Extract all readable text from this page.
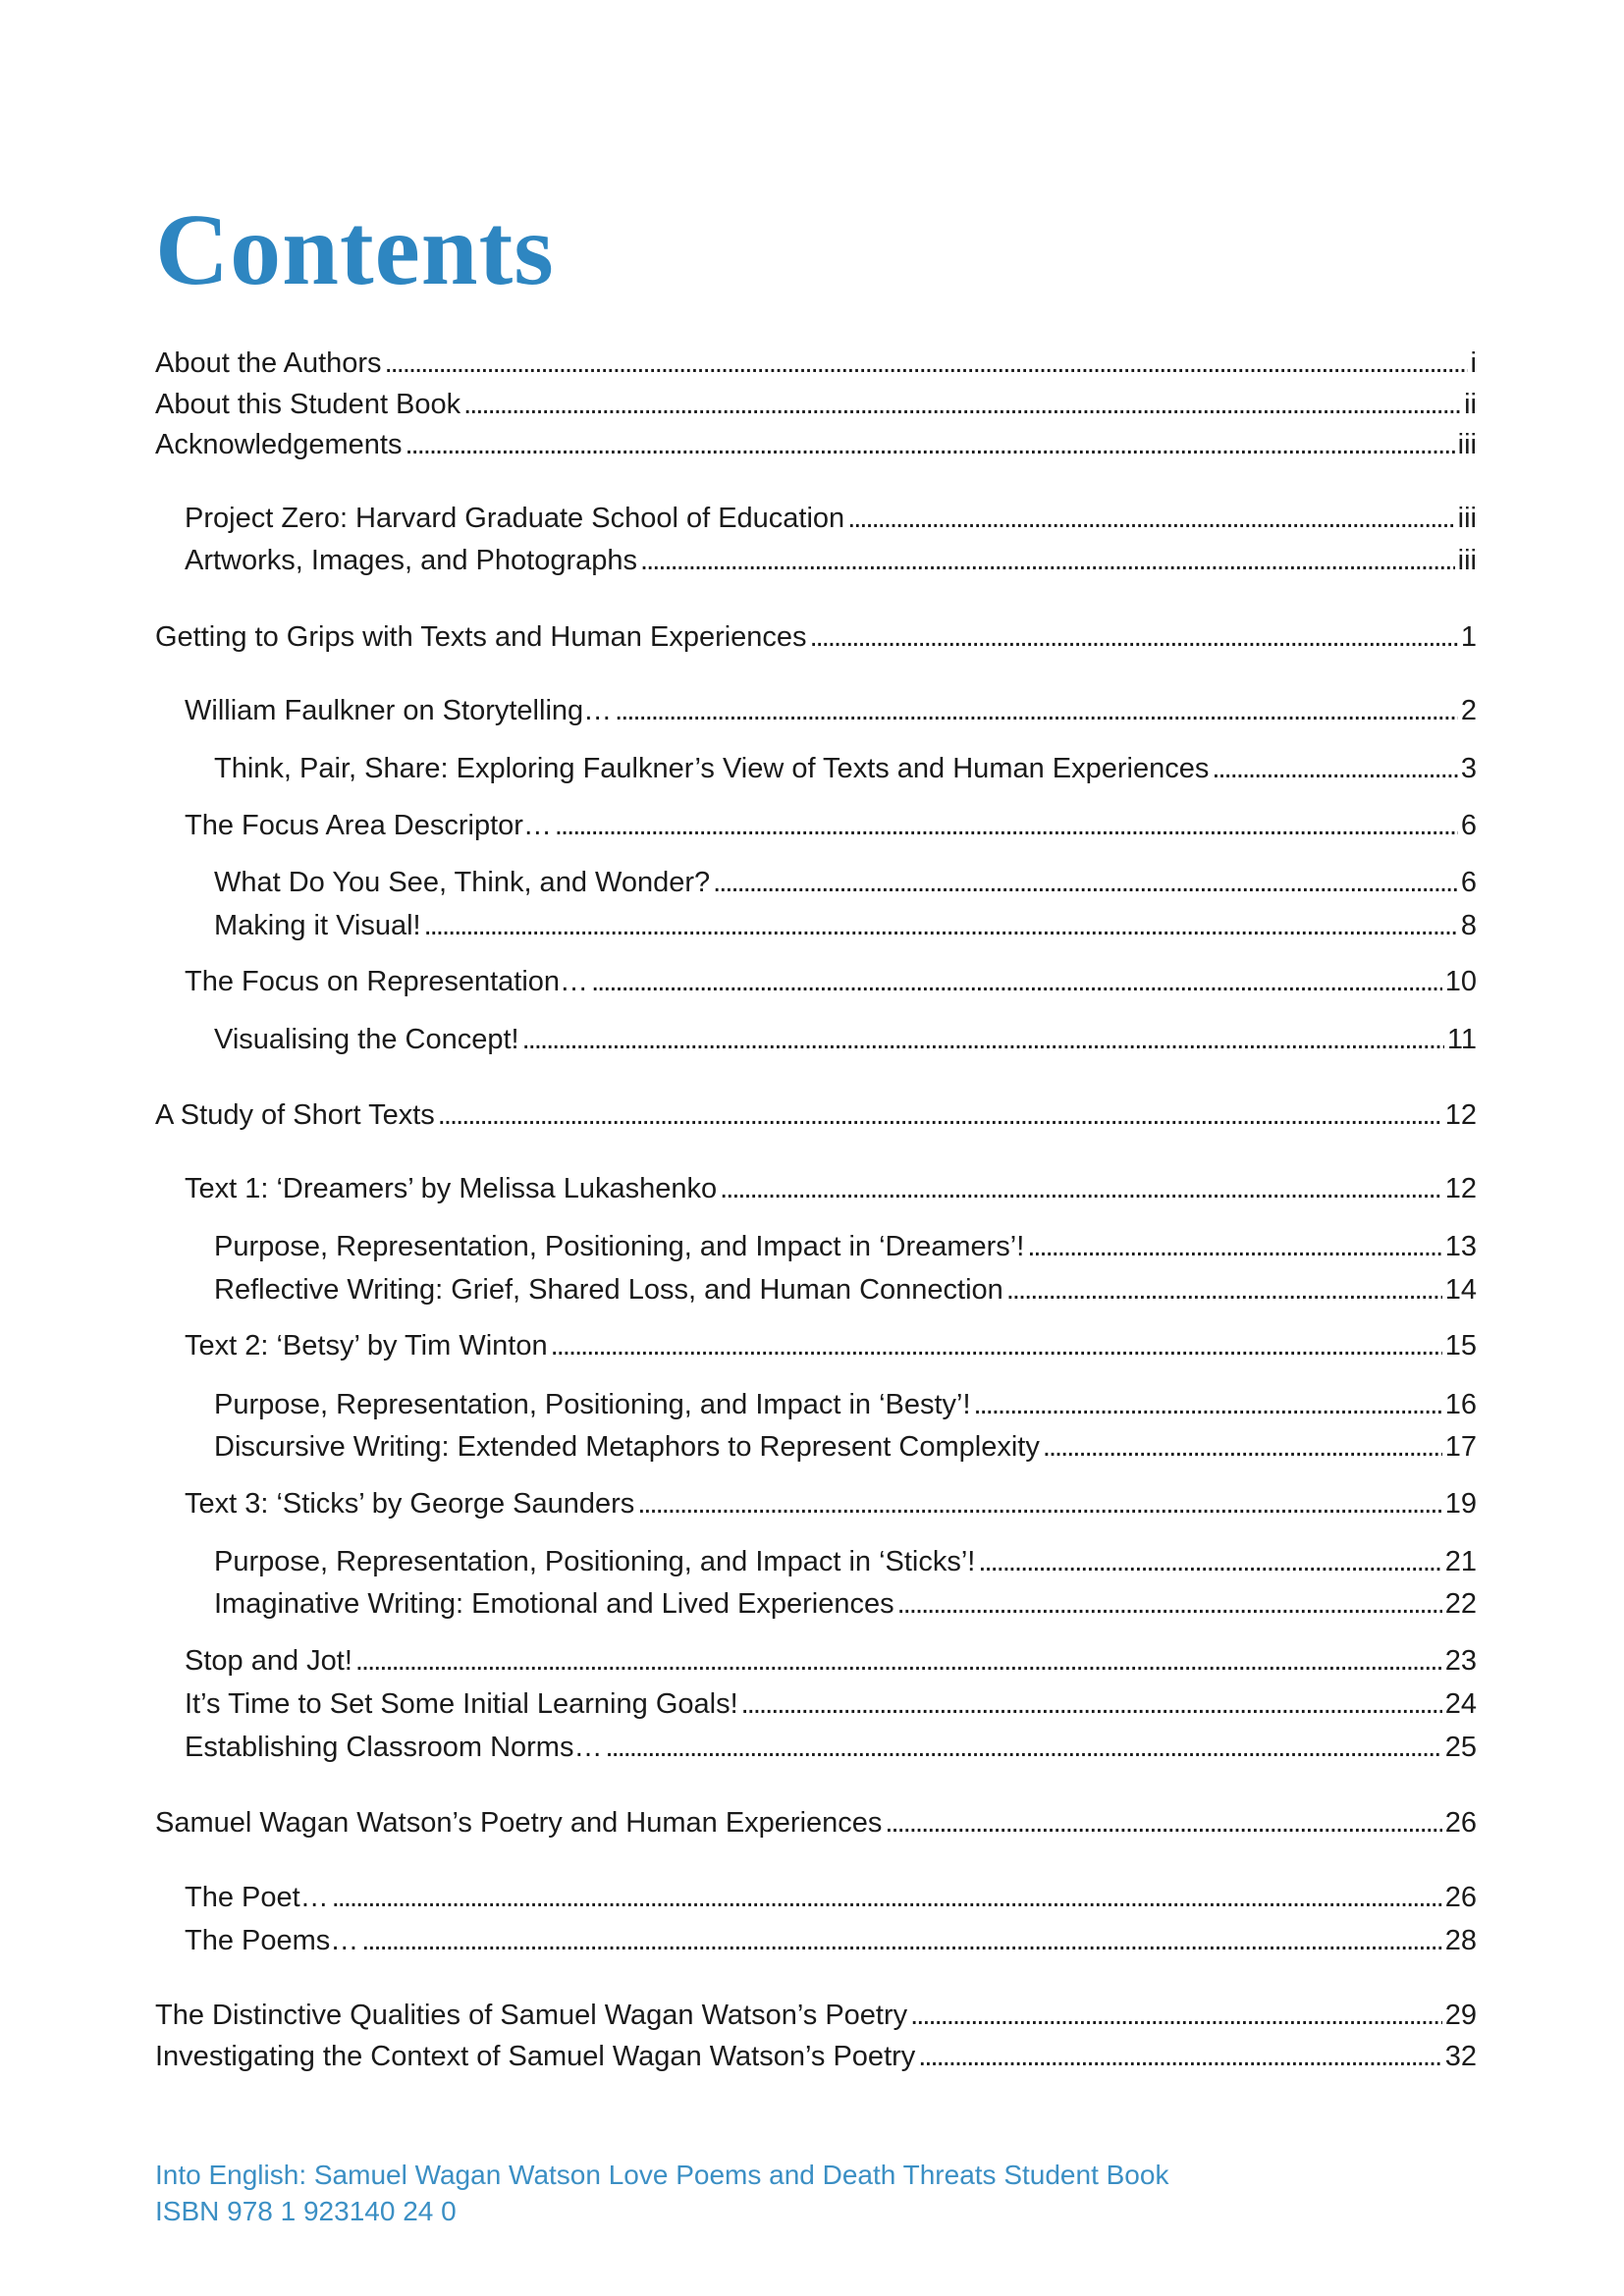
Contents
About the Authors . . .	i
About this Student Book . . .	ii
Acknowledgements . . .	iii
Project Zero: Harvard Graduate School of Education . . .	iii
Artworks, Images, and Photographs . . .	iii
Getting to Grips with Texts and Human Experiences . . .	1
William Faulkner on Storytelling… . . .	2
Think, Pair, Share: Exploring Faulkner’s View of Texts and Human Experiences . . .	3
The Focus Area Descriptor… . . .	6
What Do You See, Think, and Wonder? . . .	6
Making it Visual! . . .	8
The Focus on Representation… . . .	10
Visualising the Concept! . . .	11
A Study of Short Texts . . .	12
Text 1: ‘Dreamers’ by Melissa Lukashenko . . .	12
Purpose, Representation, Positioning, and Impact in ‘Dreamers’! . . .	13
Reflective Writing: Grief, Shared Loss, and Human Connection . . .	14
Text 2: ‘Betsy’ by Tim Winton . . .	15
Purpose, Representation, Positioning, and Impact in ‘Besty’! . . .	16
Discursive Writing: Extended Metaphors to Represent Complexity . . .	17
Text 3: ‘Sticks’ by George Saunders . . .	19
Purpose, Representation, Positioning, and Impact in ‘Sticks’! . . .	21
Imaginative Writing: Emotional and Lived Experiences . . .	22
Stop and Jot! . . .	23
It’s Time to Set Some Initial Learning Goals! . . .	24
Establishing Classroom Norms… . . .	25
Samuel Wagan Watson’s Poetry and Human Experiences . . .	26
The Poet… . . .	26
The Poems… . . .	28
The Distinctive Qualities of Samuel Wagan Watson’s Poetry . . .	29
Investigating the Context of Samuel Wagan Watson’s Poetry . . .	32
Into English: Samuel Wagan Watson Love Poems and Death Threats Student Book
ISBN 978 1 923140 24 0
